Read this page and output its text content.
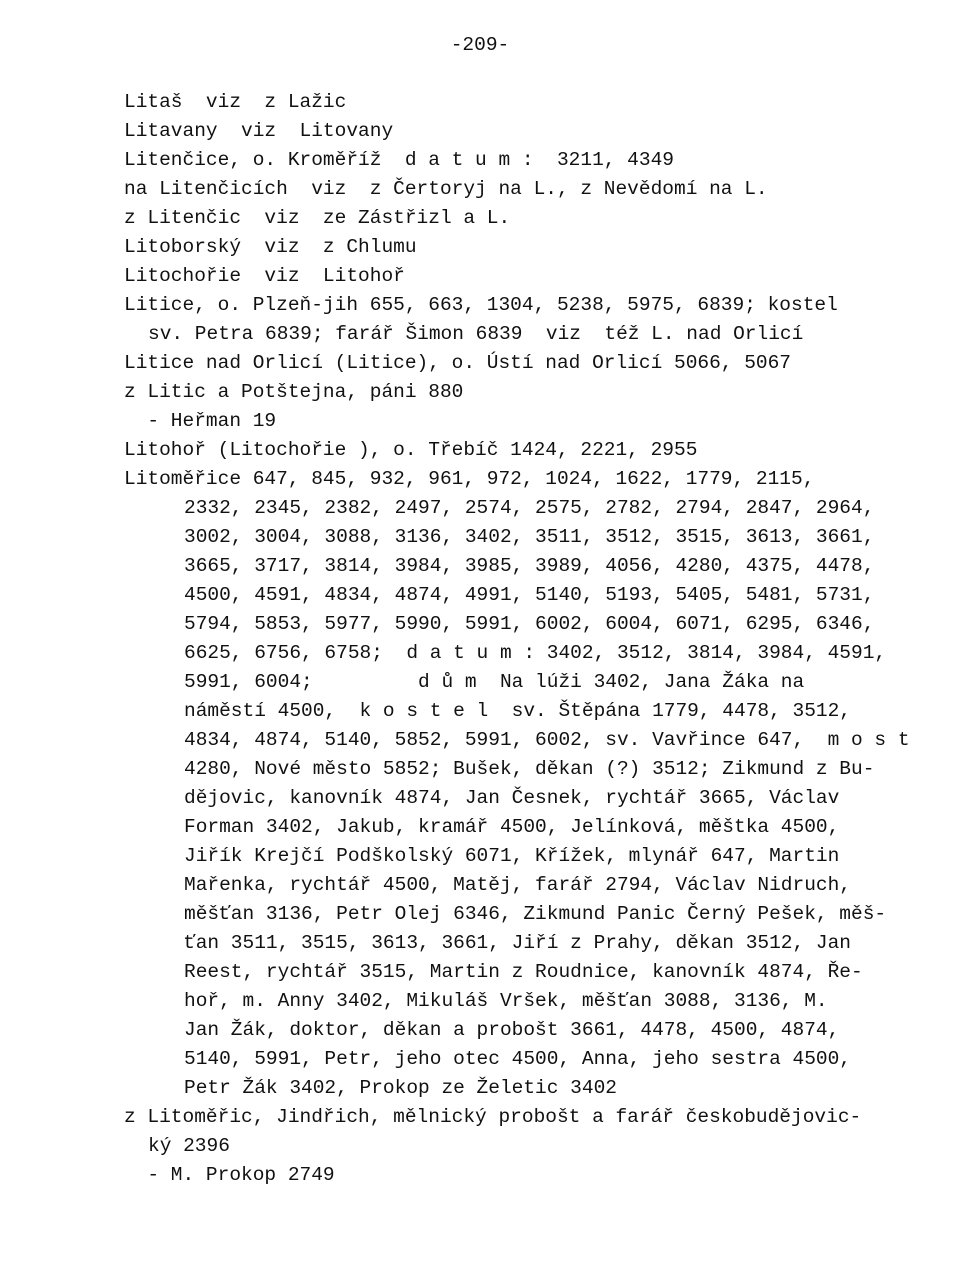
-209-
Litaš  viz  z Lažic
Litavany  viz  Litovany
Litenčice, o. Kroměříž  d a t u m :  3211, 4349
na Litenčicích  viz  z Čertoryj na L., z Nevědomí na L.
z Litenčic  viz  ze Zástřizl a L.
Litoborský  viz  z Chlumu
Litochořie  viz  Litohoř
Litice, o. Plzeň-jih 655, 663, 1304, 5238, 5975, 6839; kostel
sv. Petra 6839; farář Šimon 6839  viz  též L. nad Orlicí
Litice nad Orlicí (Litice), o. Ústí nad Orlicí 5066, 5067
z Litic a Potštejna, páni 880
- Heřman 19
Litohoř (Litochořie ), o. Třebíč 1424, 2221, 2955
Litoměřice 647, 845, 932, 961, 972, 1024, 1622, 1779, 2115,
2332, 2345, 2382, 2497, 2574, 2575, 2782, 2794, 2847, 2964,
3002, 3004, 3088, 3136, 3402, 3511, 3512, 3515, 3613, 3661,
3665, 3717, 3814, 3984, 3985, 3989, 4056, 4280, 4375, 4478,
4500, 4591, 4834, 4874, 4991, 5140, 5193, 5405, 5481, 5731,
5794, 5853, 5977, 5990, 5991, 6002, 6004, 6071, 6295, 6346,
6625, 6756, 6758;  d a t u m : 3402, 3512, 3814, 3984, 4591,
5991, 6004;         d ů m  Na lúži 3402, Jana Žáka na
náměstí 4500,  k o s t e l  sv. Štěpána 1779, 4478, 3512,
4834, 4874, 5140, 5852, 5991, 6002, sv. Vavřince 647,  m o s t
4280, Nové město 5852; Bušek, děkan (?) 3512; Zikmund z Bu-
dějovic, kanovník 4874, Jan Česnek, rychtář 3665, Václav
Forman 3402, Jakub, kramář 4500, Jelínková, měštka 4500,
Jiřík Krejčí Podškolský 6071, Křížek, mlynář 647, Martin
Mařenka, rychtář 4500, Matěj, farář 2794, Václav Nidruch,
měšťan 3136, Petr Olej 6346, Zikmund Panic Černý Pešek, měš-
ťan 3511, 3515, 3613, 3661, Jiří z Prahy, děkan 3512, Jan
Reest, rychtář 3515, Martin z Roudnice, kanovník 4874, Ře-
hoř, m. Anny 3402, Mikuláš Vršek, měšťan 3088, 3136, M.
Jan Žák, doktor, děkan a probošt 3661, 4478, 4500, 4874,
5140, 5991, Petr, jeho otec 4500, Anna, jeho sestra 4500,
Petr Žák 3402, Prokop ze Želetic 3402
z Litoměřic, Jindřich, mělnický probošt a farář českobudějovic-
ký 2396
- M. Prokop 2749
